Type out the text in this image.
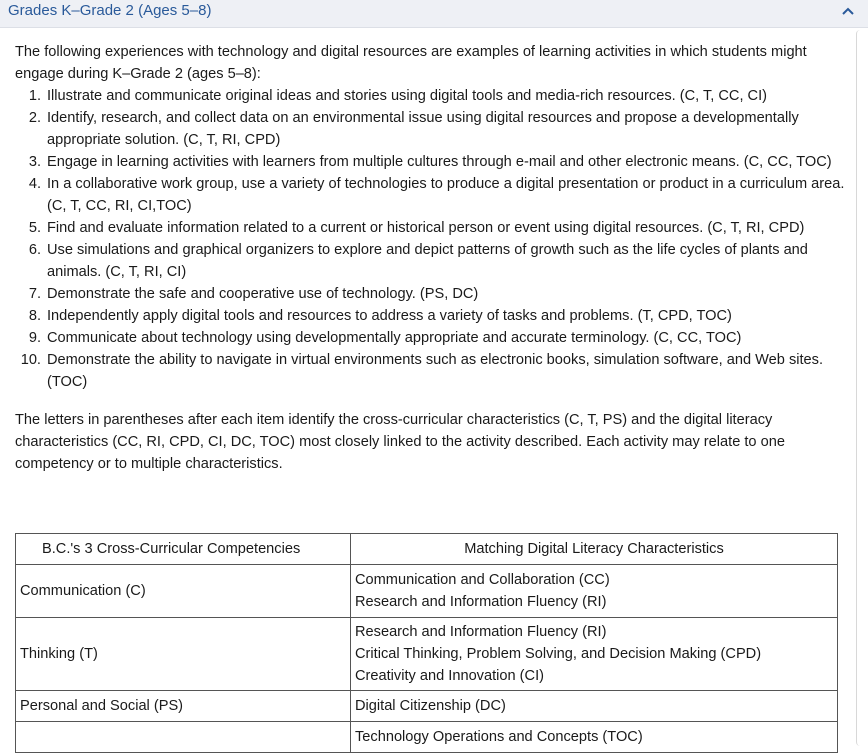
Grades K–Grade 2 (Ages 5–8)

The following experiences with technology and digital resources are examples of learning activities in which students might engage during K–Grade 2 (ages 5–8):

1. Illustrate and communicate original ideas and stories using digital tools and media-rich resources. (C, T, CC, CI)
2. Identify, research, and collect data on an environmental issue using digital resources and propose a developmentally appropriate solution. (C, T, RI, CPD)
3. Engage in learning activities with learners from multiple cultures through e-mail and other electronic means. (C, CC, TOC)
4. In a collaborative work group, use a variety of technologies to produce a digital presentation or product in a curriculum area. (C, T, CC, RI, CI,TOC)
5. Find and evaluate information related to a current or historical person or event using digital resources. (C, T, RI, CPD)
6. Use simulations and graphical organizers to explore and depict patterns of growth such as the life cycles of plants and animals. (C, T, RI, CI)
7. Demonstrate the safe and cooperative use of technology. (PS, DC)
8. Independently apply digital tools and resources to address a variety of tasks and problems. (T, CPD, TOC)
9. Communicate about technology using developmentally appropriate and accurate terminology. (C, CC, TOC)
10. Demonstrate the ability to navigate in virtual environments such as electronic books, simulation software, and Web sites. (TOC)

The letters in parentheses after each item identify the cross-curricular characteristics (C, T, PS) and the digital literacy characteristics (CC, RI, CPD, CI, DC, TOC) most closely linked to the activity described. Each activity may relate to one competency or to multiple characteristics.

B.C.'s 3 Cross-Curricular Competencies	Matching Digital Literacy Characteristics
Communication (C)	Communication and Collaboration (CC)
Research and Information Fluency (RI)

Thinking (T)	Research and Information Fluency (RI)
Critical Thinking, Problem Solving, and Decision Making (CPD)
Creativity and Innovation (CI)

Personal and Social (PS)	Digital Citizenship (DC)

	Technology Operations and Concepts (TOC)
